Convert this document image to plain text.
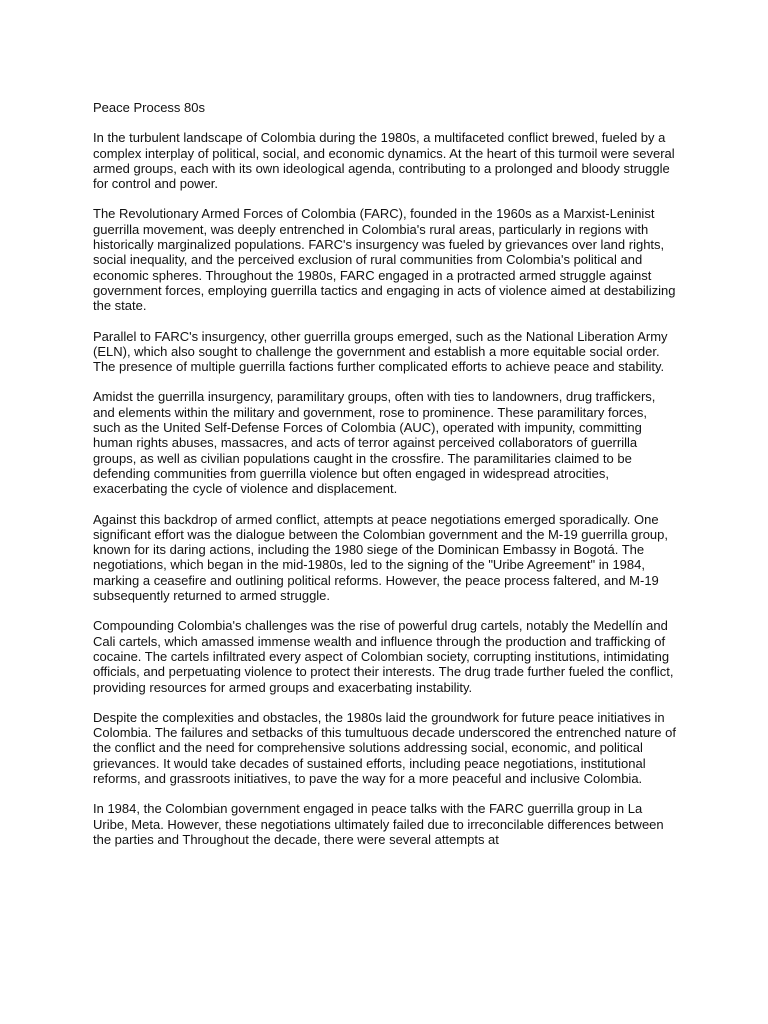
Peace Process 80s

In the turbulent landscape of Colombia during the 1980s, a multifaceted conflict brewed, fueled by a complex interplay of political, social, and economic dynamics. At the heart of this turmoil were several armed groups, each with its own ideological agenda, contributing to a prolonged and bloody struggle for control and power.

The Revolutionary Armed Forces of Colombia (FARC), founded in the 1960s as a Marxist-Leninist guerrilla movement, was deeply entrenched in Colombia's rural areas, particularly in regions with historically marginalized populations. FARC's insurgency was fueled by grievances over land rights, social inequality, and the perceived exclusion of rural communities from Colombia's political and economic spheres. Throughout the 1980s, FARC engaged in a protracted armed struggle against government forces, employing guerrilla tactics and engaging in acts of violence aimed at destabilizing the state.

Parallel to FARC's insurgency, other guerrilla groups emerged, such as the National Liberation Army (ELN), which also sought to challenge the government and establish a more equitable social order. The presence of multiple guerrilla factions further complicated efforts to achieve peace and stability.

Amidst the guerrilla insurgency, paramilitary groups, often with ties to landowners, drug traffickers, and elements within the military and government, rose to prominence. These paramilitary forces, such as the United Self-Defense Forces of Colombia (AUC), operated with impunity, committing human rights abuses, massacres, and acts of terror against perceived collaborators of guerrilla groups, as well as civilian populations caught in the crossfire. The paramilitaries claimed to be defending communities from guerrilla violence but often engaged in widespread atrocities, exacerbating the cycle of violence and displacement.

Against this backdrop of armed conflict, attempts at peace negotiations emerged sporadically. One significant effort was the dialogue between the Colombian government and the M-19 guerrilla group, known for its daring actions, including the 1980 siege of the Dominican Embassy in Bogotá. The negotiations, which began in the mid-1980s, led to the signing of the "Uribe Agreement" in 1984, marking a ceasefire and outlining political reforms. However, the peace process faltered, and M-19 subsequently returned to armed struggle.

Compounding Colombia's challenges was the rise of powerful drug cartels, notably the Medellín and Cali cartels, which amassed immense wealth and influence through the production and trafficking of cocaine. The cartels infiltrated every aspect of Colombian society, corrupting institutions, intimidating officials, and perpetuating violence to protect their interests. The drug trade further fueled the conflict, providing resources for armed groups and exacerbating instability.

Despite the complexities and obstacles, the 1980s laid the groundwork for future peace initiatives in Colombia. The failures and setbacks of this tumultuous decade underscored the entrenched nature of the conflict and the need for comprehensive solutions addressing social, economic, and political grievances. It would take decades of sustained efforts, including peace negotiations, institutional reforms, and grassroots initiatives, to pave the way for a more peaceful and inclusive Colombia.

In 1984, the Colombian government engaged in peace talks with the FARC guerrilla group in La Uribe, Meta. However, these negotiations ultimately failed due to irreconcilable differences between the parties and Throughout the decade, there were several attempts at
